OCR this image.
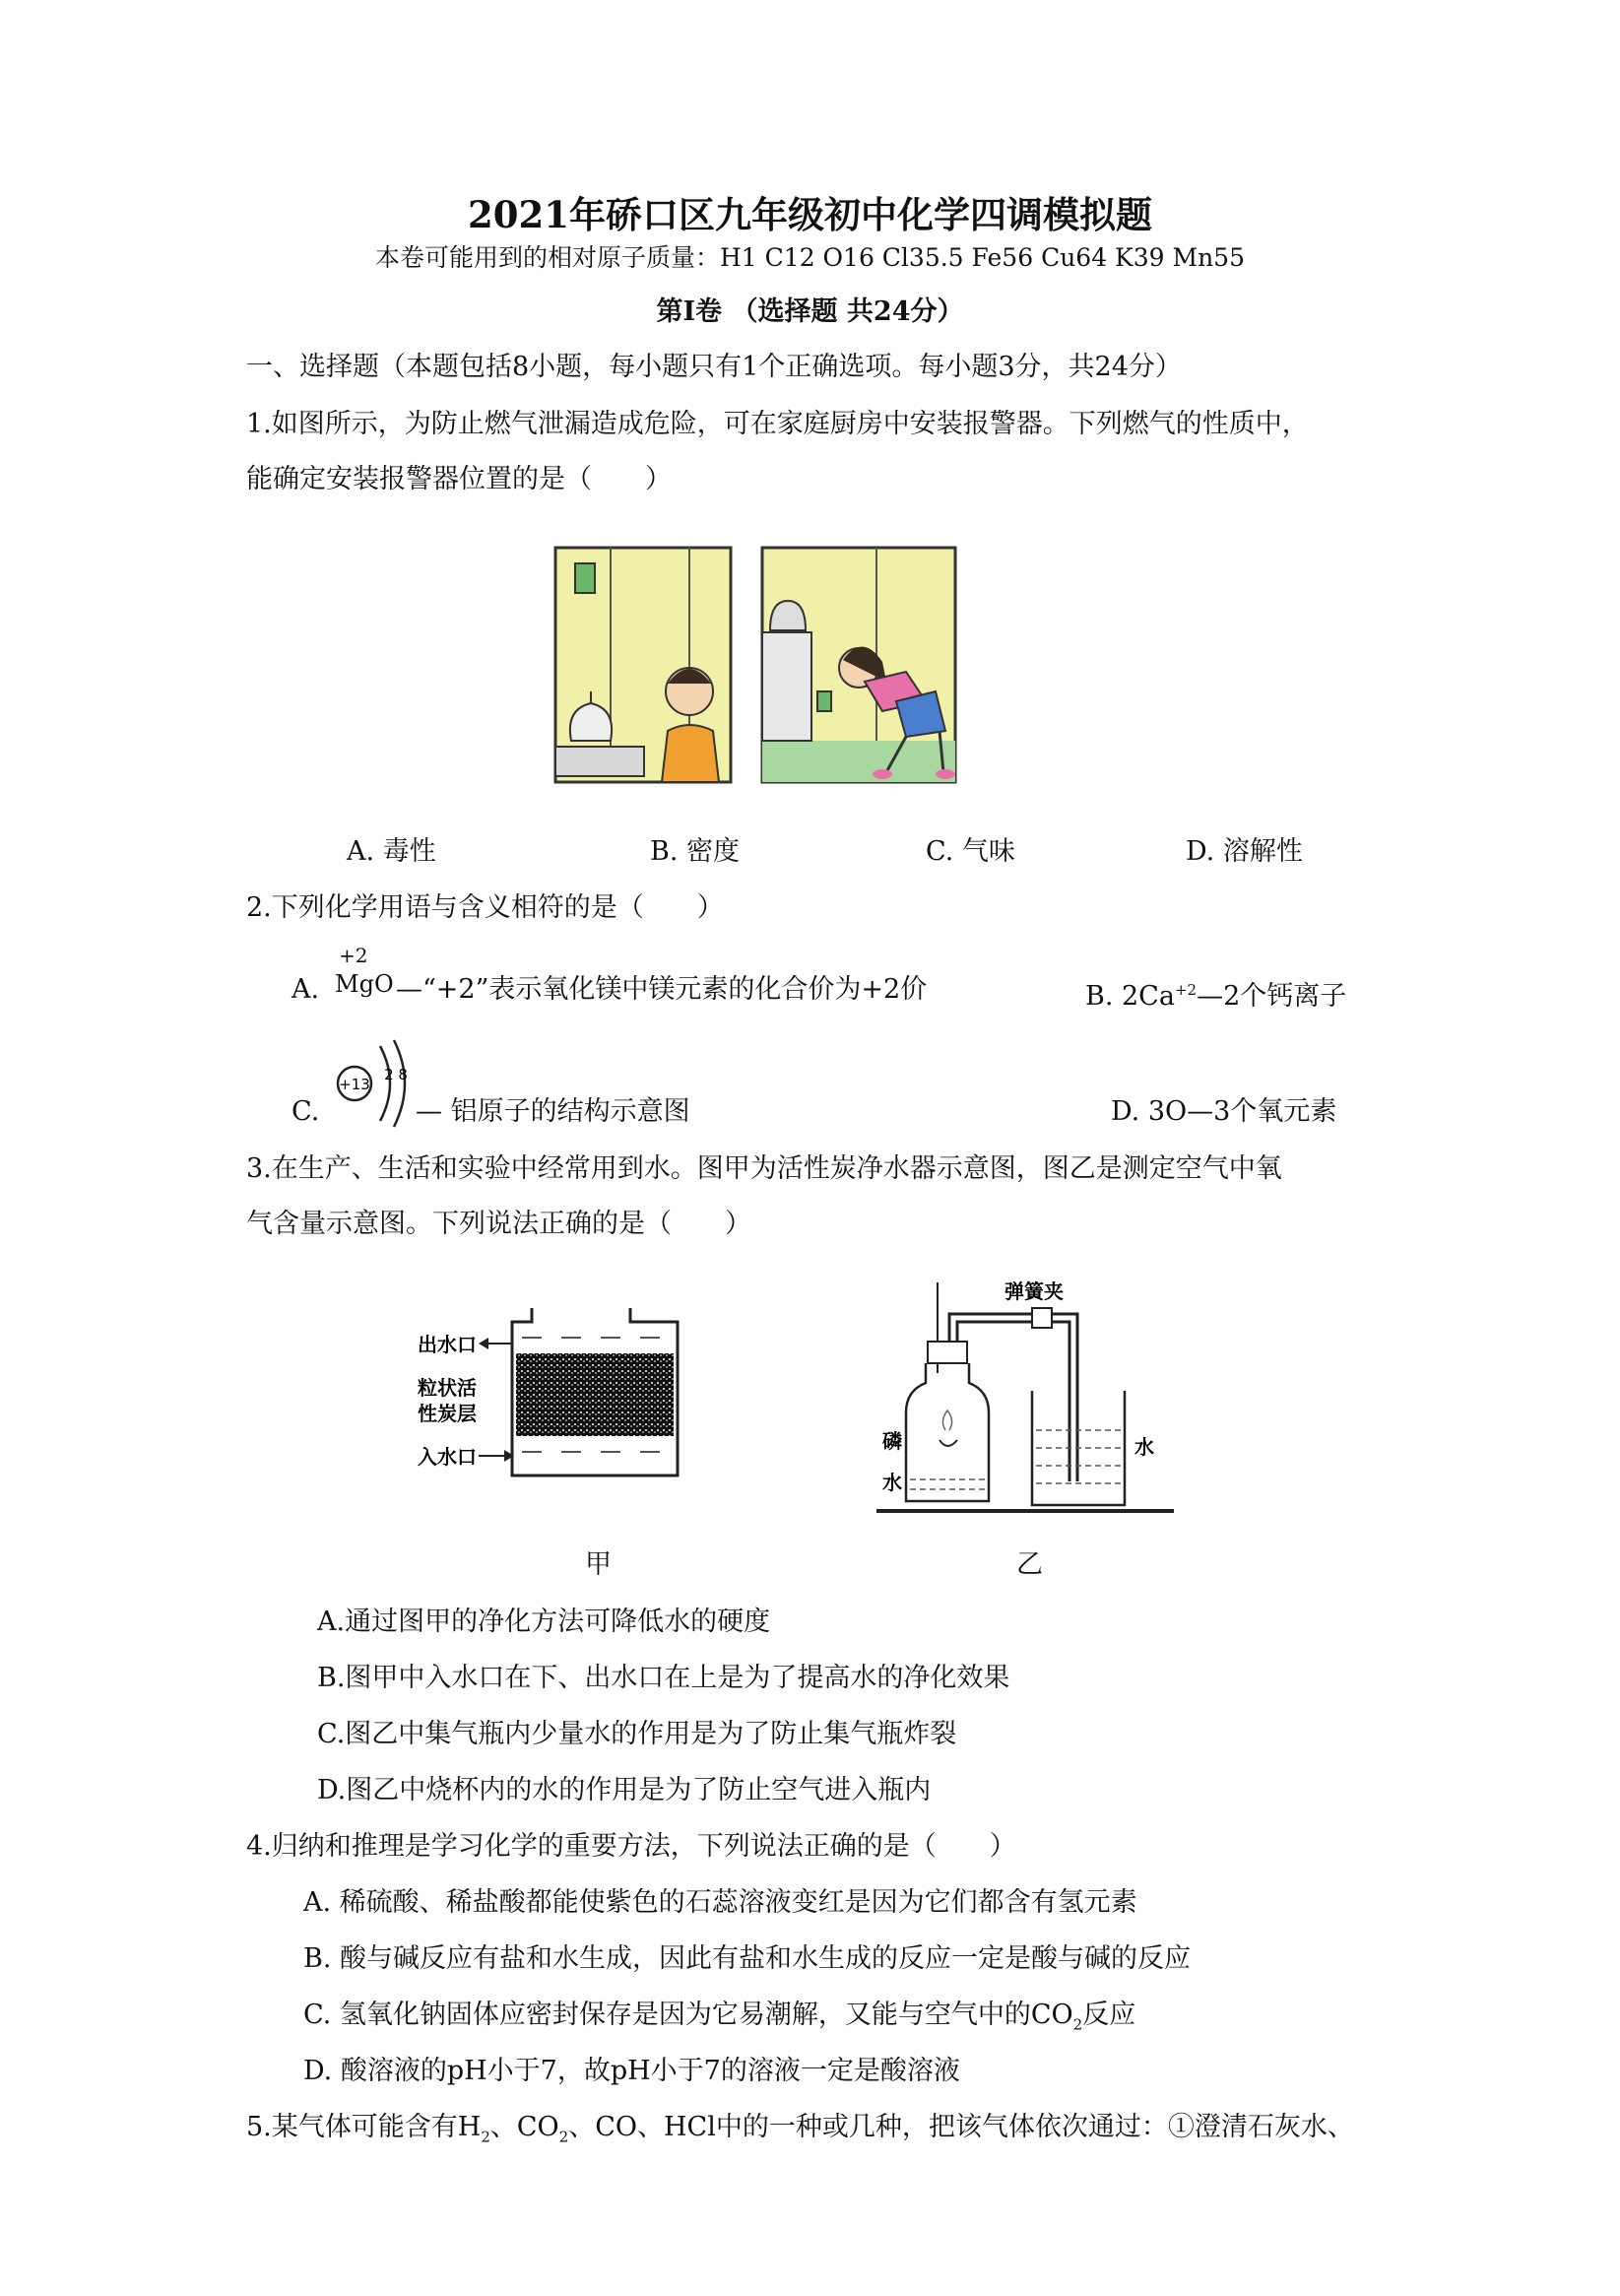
2021年硚口区九年级初中化学四调模拟题
本卷可能用到的相对原子质量：H1 C12 O16 Cl35.5 Fe56 Cu64 K39 Mn55
第Ⅰ卷 （选择题 共24分）
一、选择题（本题包括8小题，每小题只有1个正确选项。每小题3分，共24分）
1.如图所示，为防止燃气泄漏造成危险，可在家庭厨房中安装报警器。下列燃气的性质中，
能确定安装报警器位置的是（　　）
A. 毒性	B. 密度	C. 气味	D. 溶解性
2.下列化学用语与含义相符的是（　　）
A.
+2
MgO —“+2”表示氧化镁中镁元素的化合价为+2价	B. $2Ca^{+2}—2$个钙离子
C.
+13
2 8
— 铝原子的结构示意图	D. 3O—3个氧元素
3.在生产、生活和实验中经常用到水。图甲为活性炭净水器示意图，图乙是测定空气中氧
气含量示意图。下列说法正确的是（　　）
出水口
粒状活
性炭层
入水口
弹簧夹
磷
水
水
甲	乙
A.通过图甲的净化方法可降低水的硬度
B.图甲中入水口在下、出水口在上是为了提高水的净化效果
C.图乙中集气瓶内少量水的作用是为了防止集气瓶炸裂
D.图乙中烧杯内的水的作用是为了防止空气进入瓶内
4.归纳和推理是学习化学的重要方法，下列说法正确的是（　　）
A. 稀硫酸、稀盐酸都能使紫色的石蕊溶液变红是因为它们都含有氢元素
B. 酸与碱反应有盐和水生成，因此有盐和水生成的反应一定是酸与碱的反应
C. 氢氧化钠固体应密封保存是因为它易潮解，又能与空气中的$CO_2$反应
D. 酸溶液的pH小于7，故pH小于7的溶液一定是酸溶液
5.某气体可能含有$H_2$、$CO_2$、CO、HCl中的一种或几种，把该气体依次通过：①澄清石灰水、
